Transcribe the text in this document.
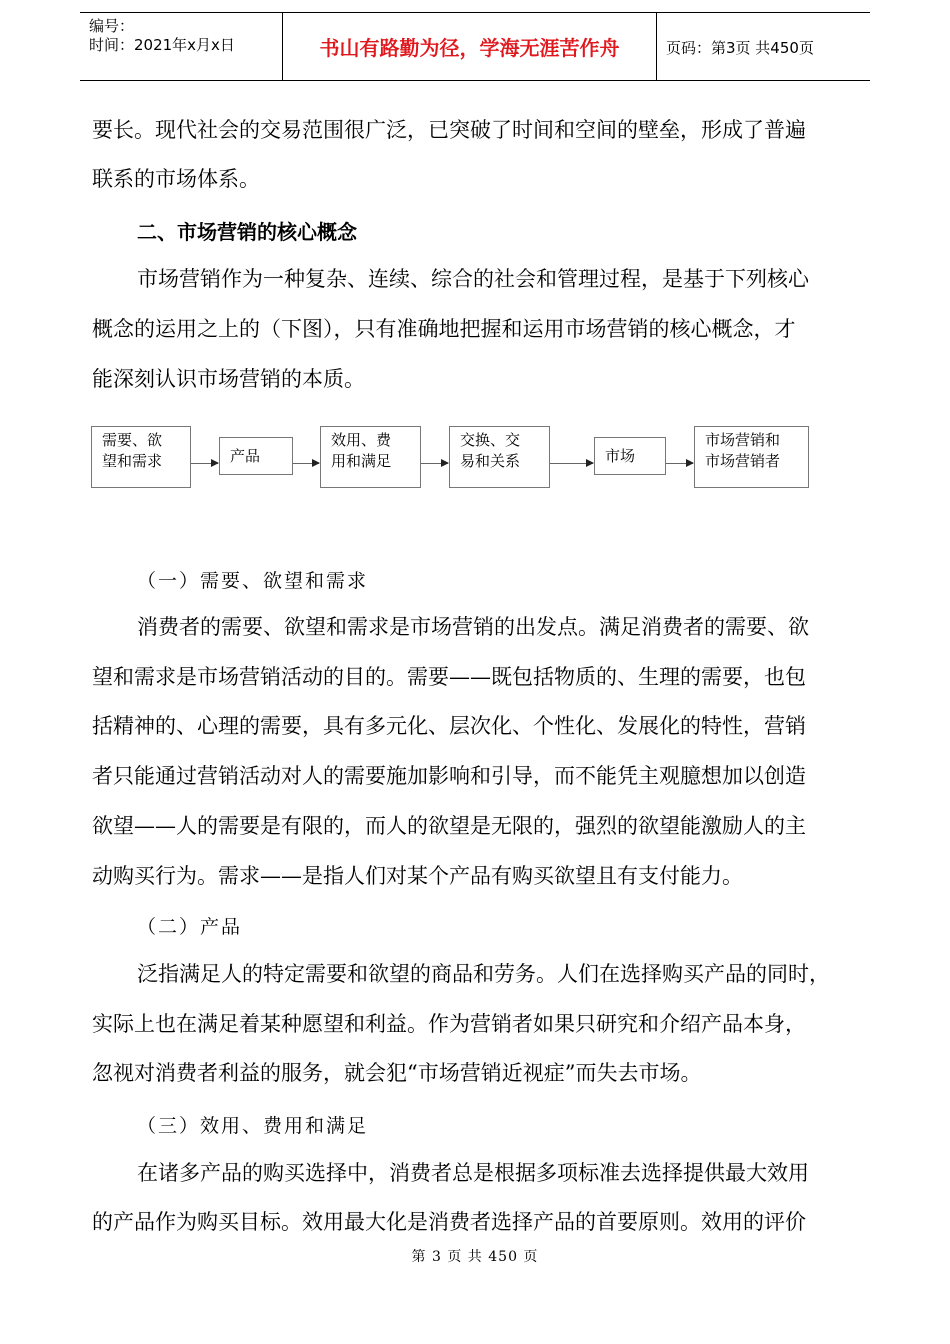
编号：
时间：2021年x月x日	书山有路勤为径，学海无涯苦作舟	页码：第3页 共450页
要长。现代社会的交易范围很广泛，已突破了时间和空间的壁垒，形成了普遍
联系的市场体系。
二、市场营销的核心概念
市场营销作为一种复杂、连续、综合的社会和管理过程，是基于下列核心
概念的运用之上的（下图），只有准确地把握和运用市场营销的核心概念，才
能深刻认识市场营销的本质。
需要、欲
望和需求	产品
效用、费
用和满足
交换、交
易和关系	市场
市场营销和
市场营销者
（一）需要、欲望和需求
消费者的需要、欲望和需求是市场营销的出发点。满足消费者的需要、欲
望和需求是市场营销活动的目的。需要——既包括物质的、生理的需要，也包
括精神的、心理的需要，具有多元化、层次化、个性化、发展化的特性，营销
者只能通过营销活动对人的需要施加影响和引导，而不能凭主观臆想加以创造
欲望——人的需要是有限的，而人的欲望是无限的，强烈的欲望能激励人的主
动购买行为。需求——是指人们对某个产品有购买欲望且有支付能力。
（二）产品
泛指满足人的特定需要和欲望的商品和劳务。人们在选择购买产品的同时，
实际上也在满足着某种愿望和利益。作为营销者如果只研究和介绍产品本身，
忽视对消费者利益的服务，就会犯“市场营销近视症”而失去市场。
（三）效用、费用和满足
在诸多产品的购买选择中，消费者总是根据多项标准去选择提供最大效用
的产品作为购买目标。效用最大化是消费者选择产品的首要原则。效用的评价
第 3 页 共 450 页
